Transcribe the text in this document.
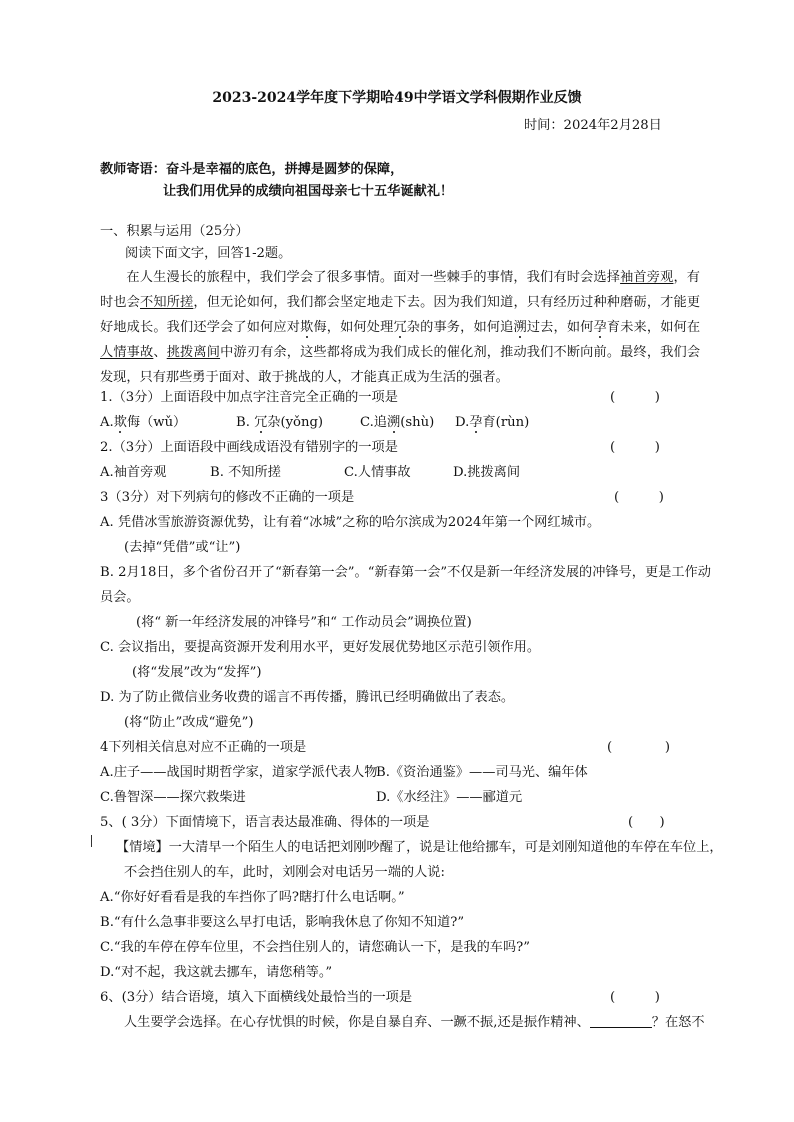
2023-2024学年度下学期哈49中学语文学科假期作业反馈
时间：2024年2月28日
教师寄语：奋斗是幸福的底色，拼搏是圆梦的保障，
让我们用优异的成绩向祖国母亲七十五华诞献礼！
一、积累与运用（25分）
阅读下面文字，回答1-2题。
在人生漫长的旅程中，我们学会了很多事情。面对一些棘手的事情，我们有时会选择袖首旁观，有时也会不知所搓，但无论如何，我们都会坚定地走下去。因为我们知道，只有经历过种种磨砺，才能更好地成长。我们还学会了如何应对欺侮，如何处理冗杂的事务，如何追溯过去，如何孕育未来，如何在人情事故、挑拨离间中游刃有余，这些都将成为我们成长的催化剂，推动我们不断向前。最终，我们会发现，只有那些勇于面对、敢于挑战的人，才能真正成为生活的强者。
1.（3分）上面语段中加点字注音完全正确的一项是	(　　　)
A.欺侮（wǔ）	B. 冗杂(yǒng)	C.追溯(shù) D.孕育(rùn)
2.（3分）上面语段中画线成语没有错别字的一项是	(　　　)
A.袖首旁观	B. 不知所搓	C.人情事故	D.挑拨离间
3（3分）对下列病句的修改不正确的一项是	(　　　)
A. 凭借冰雪旅游资源优势，让有着“冰城”之称的哈尔滨成为2024年第一个网红城市。
(去掉“凭借”或“让”)
B. 2月18日，多个省份召开了“新春第一会”。“新春第一会”不仅是新一年经济发展的冲锋号，更是工作动
员会。
(将“ 新一年经济发展的冲锋号”和“ 工作动员会”调换位置)
C. 会议指出，要提高资源开发利用水平，更好发展优势地区示范引领作用。
(将“发展”改为“发挥”)
D. 为了防止微信业务收费的谣言不再传播，腾讯已经明确做出了表态。
(将“防止”改成“避免”)
4下列相关信息对应不正确的一项是	(　　　　)
A.庄子——战国时期哲学家，道家学派代表人物
B.《资治通鉴》——司马光、编年体
C.鲁智深——探穴救柴进	D.《水经注》——郦道元
5、( 3分）下面情境下，语言表达最准确、得体的一项是	(　　)
【情境】一大清早一个陌生人的电话把刘刚吵醒了，说是让他给挪车，可是刘刚知道他的车停在车位上，
不会挡住别人的车，此时，刘刚会对电话另一端的人说:
A.“你好好看看是我的车挡你了吗?瞎打什么电话啊。”
B.“有什么急事非要这么早打电话，影响我休息了你知不知道?”
C.“我的车停在停车位里，不会挡住别人的，请您确认一下，是我的车吗?”
D.“对不起，我这就去挪车，请您稍等。”
6、(3分）结合语境，填入下面横线处最恰当的一项是	(　　　)
人生要学会选择。在心存忧惧的时候，你是自暴自弃、一蹶不振,还是振作精神、	？在怒不
